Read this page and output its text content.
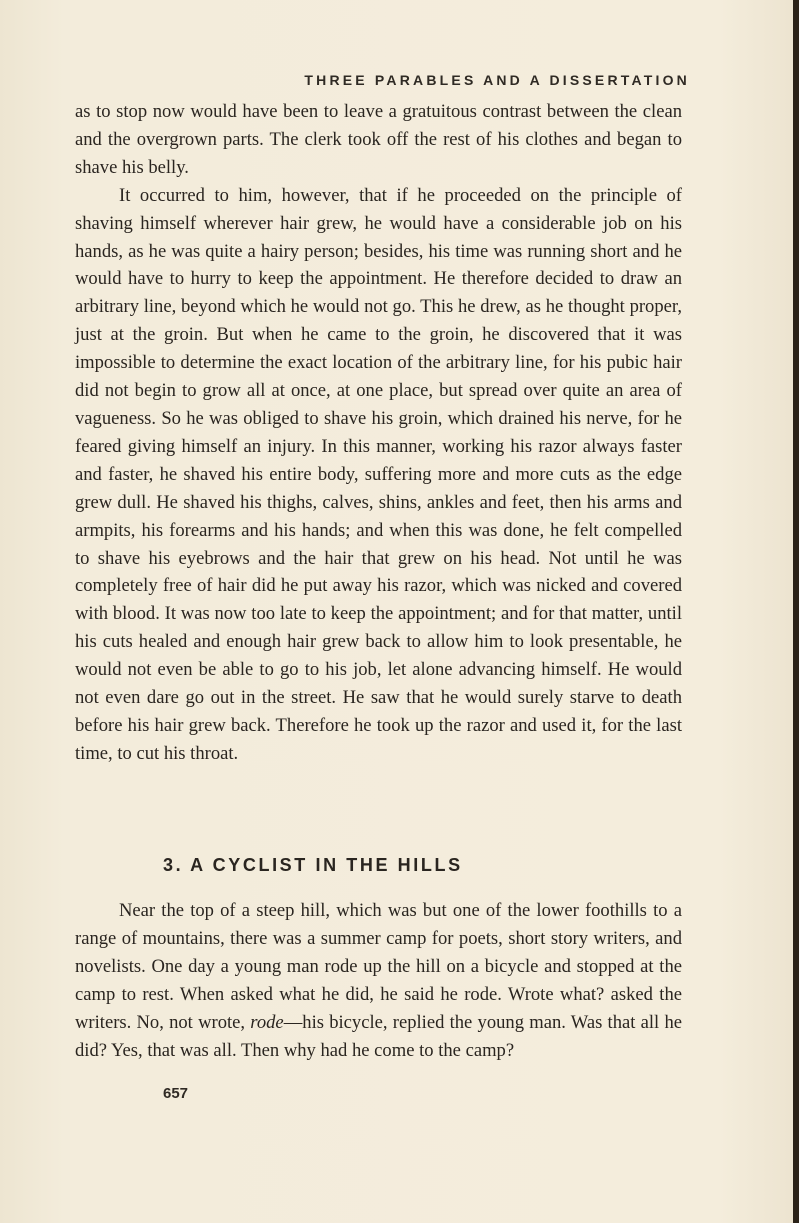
THREE PARABLES AND A DISSERTATION

as to stop now would have been to leave a gratuitous contrast between the clean and the overgrown parts. The clerk took off the rest of his clothes and began to shave his belly.

It occurred to him, however, that if he proceeded on the principle of shaving himself wherever hair grew, he would have a considerable job on his hands, as he was quite a hairy person; besides, his time was running short and he would have to hurry to keep the appointment. He therefore decided to draw an arbitrary line, beyond which he would not go. This he drew, as he thought proper, just at the groin. But when he came to the groin, he discovered that it was impossible to determine the exact location of the arbitrary line, for his pubic hair did not begin to grow all at once, at one place, but spread over quite an area of vagueness. So he was obliged to shave his groin, which drained his nerve, for he feared giving himself an injury. In this manner, working his razor always faster and faster, he shaved his entire body, suffering more and more cuts as the edge grew dull. He shaved his thighs, calves, shins, ankles and feet, then his arms and armpits, his forearms and his hands; and when this was done, he felt compelled to shave his eyebrows and the hair that grew on his head. Not until he was completely free of hair did he put away his razor, which was nicked and covered with blood. It was now too late to keep the appointment; and for that matter, until his cuts healed and enough hair grew back to allow him to look presentable, he would not even be able to go to his job, let alone advancing himself. He would not even dare go out in the street. He saw that he would surely starve to death before his hair grew back. Therefore he took up the razor and used it, for the last time, to cut his throat.

3. A CYCLIST IN THE HILLS

Near the top of a steep hill, which was but one of the lower foothills to a range of mountains, there was a summer camp for poets, short story writers, and novelists. One day a young man rode up the hill on a bicycle and stopped at the camp to rest. When asked what he did, he said he rode. Wrote what? asked the writers. No, not wrote, rode—his bicycle, replied the young man. Was that all he did? Yes, that was all. Then why had he come to the camp?

657
